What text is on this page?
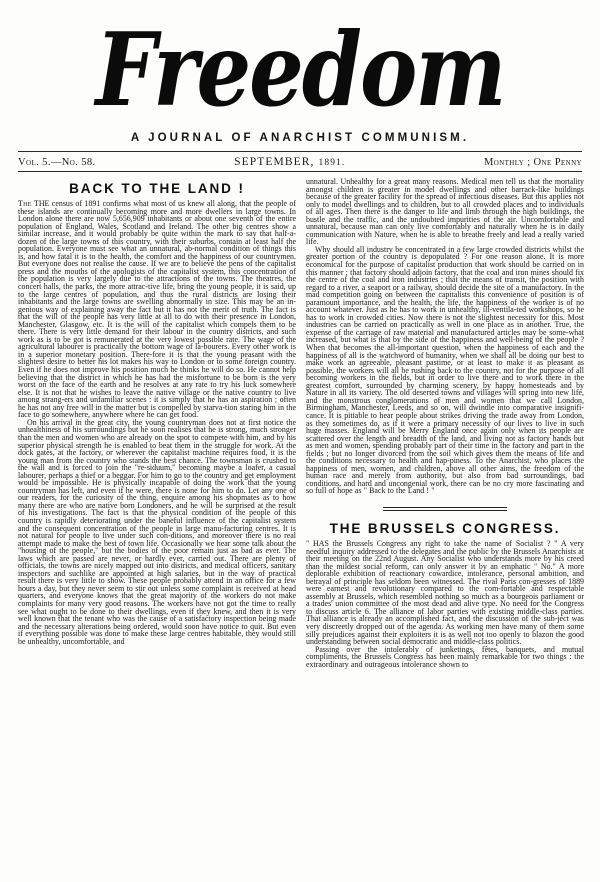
Freedom
A JOURNAL OF ANARCHIST COMMUNISM.
Vol. 5.—No. 58.	SEPTEMBER, 1891.	Monthly ; One Penny
BACK TO THE LAND !

The THE census of 1891 confirms what most of us knew all along, that the people of these islands are continually becoming more and more dwellers in large towns. In London alone there are now 5,656,909 inhabitants or about one seventh of the entire population of England, Wales, Scotland and Ireland. The other big centres show a similar increase, and it would probably be quite within the mark to say that half-a-dozen of the large towns of this country, with their suburbs, contain at least half the population. Everyone must see what an unnatural, ab-normal condition of things this is, and how fatal it is to the health, the comfort and the happiness of our countrymen. But everyone does not realise the cause. If we are to believe the pens of the capitalist press and the mouths of the apologists of the capitalist system, this concentration of the population is very largely due to the attractions of the towns. The theatres, the concert halls, the parks, the more attrac-tive life, bring the young people, it is said, up to the large centres of population, and thus the rural districts are losing their inhabitants and the large towns are swelling abnormally in size. This may be an in-genious way of explaining away the fact but it has not the merit of truth. The fact is that the will of the people has very little at all to do with their presence in London, Manchester, Glasgow, etc. It is the will of the capitalist which compels them to be there. There is very little demand for their labour in the country districts, and such work as is to be got is remunerated at the very lowest possible rate. The wage of the agricultural labourer is practically the bottom wage of la-bourers. Every other work is in a superior monetary position. There-fore it is that the young peasant with the slightest desire to better his lot makes his way to London or to some foreign country. Even if he does not improve his position much he thinks he will do so. He cannot help believing that the district in which he has had the misfortune to be born is the very worst on the face of the earth and he resolves at any rate to try his luck somewhere else. It is not that he wishes to leave the native village or the native country to live among strang-ers and unfamiliar scenes : it is simply that he has an aspiration ; often he has not any free will in the matter but is compelled by starva-tion staring him in the face to go somewhere, anywhere where he can get food.

On his arrival in the great city, the young countryman does not at first notice the unhealthiness of his surroundings but he soon realises that he is strong, much stronger than the men and women who are already on the spot to compete with him, and by his superior physical strength he is enabled to beat them in the struggle for work. At the dock gates, at the factory, or wherever the capitalist machine requires food, it is the young man from the country who stands the best chance. The townsman is crushed to the wall and is forced to join the "re-siduum," becoming maybe a loafer, a casual labourer, perhaps a thief or a beggar. For him to go to the country and get employment would be impossible. He is physically incapable of doing the work that the young countryman has left, and even if he were, there is none for him to do. Let any one of our readers, for the curiosity of the thing, enquire among his shopmates as to how many there are who are native born Londoners, and he will be surprised at the result of his investigations. The fact is that the physical condition of the people of this country is rapidly deteriorating under the baneful influence of the capitalist system and the consequent concentration of the people in large manu-facturing centres. It is not natural for people to live under such con-ditions, and moreover there is no real attempt made to make the best of town life. Occasionally we hear some talk about the "housing of the people," but the bodies of the poor remain just as bad as ever. The laws which are passed are never, or hardly ever, carried out. There are plenty of officials, the towns are nicely mapped out into districts, and medical officers, sanitary inspectors and suchlike are appointed at high salaries, but in the way of practical result there is very little to show. These people probably attend in an office for a few hours a day, but they never seem to stir out unless some complaint is received at head quarters, and everyone knows that the great majority of the workers do not make complaints for many very good reasons. The workers have not got the time to really see what ought to be done to their dwellings, even if they knew, and then it is very well known that the tenant who was the cause of a satisfactory inspection being made and the necessary alterations being ordered, would soon have notice to quit. But even if everything possible was done to make these large centres habitable, they would still be unhealthy, uncomfortable, and

unnatural. Unhealthy for a great many reasons. Medical men tell us that the mortality amongst children is greater in model dwellings and other barrack-like buildings because of the greater facility for the spread of infectious diseases. But this applies not only to model dwellings and to children, but to all crowded places and to individuals of all ages. Then there is the danger to life and limb through the high buildings, the bustle and the traffic, and the undoubted impurities of the air. Uncomfortable and unnatural, because man can only live comfortably and naturally when he is in daily communication with Nature, when he is able to breathe freely and lead a really varied life.

Why should all industry be concentrated in a few large crowded districts whilst the greater portion of the country is depopulated ? For one reason alone. It is more economical for the purpose of capitalist production that work should be carried on in this manner ; that factory should adjoin factory, that the coal and iron mines should fix the centre of the coal and iron industries ; that the means of transit, the position with regard to a river, a seaport or a railway, should decide the site of a manufactory. In the mad competition going on between the capitalists this convenience of position is of paramount importance, and the health, the life, the happiness of the worker is of no account whatever. Just as he has to work in unhealthy, ill-ventila-ted workshops, so he has to work in crowded cities. Now there is not the slightest necessity for this. Most industries can be carried on practically as well in one place as in another. True, the expense of the carriage of raw material and manufactured articles may be some-what increased, but what is that by the side of the happiness and well-being of the people ? When that becomes the all-important question, when the happiness of each and the happiness of all is the watchword of humanity, when we shall all be doing our best to make work an agreeable, pleasant pastime, or at least to make it as pleasant as possible, the workers will all be rushing back to the country, not for the purpose of all becoming workers in the fields, but in order to live there and to work there in the greatest comfort, surrounded by charming scenery, by happy homesteads and by Nature in all its variety. The old deserted towns and villages will spring into new life, and the monstrous conglomerations of men and women that we call London, Birmingham, Manchester, Leeds, and so on, will dwindle into comparative insignifi-cance. It is pitiable to hear people about strikes driving the trade away from London, as they sometimes do, as if it were a primary necessity of our lives to live in such huge masses. England will be Merry England once again only when its people are scattered over the length and breadth of the land, and living not as factory hands but as men and women, spending probably part of their time in the factory and part in the fields ; but no longer divorced from the soil which gives them the means of life and the conditions necessary to health and hap-piness. To the Anarchist, who places the happiness of men, women, and children, above all other aims, the freedom of the human race and merely from authority, but also from bad surroundings, bad conditions, and hard and uncongenial work, there can be no cry more fascinating and so full of hope as " Back to the Land ! "

THE BRUSSELS CONGRESS.

" HAS the Brussels Congress any right to take the name of Socialist ? " A very needful inquiry addressed to the delegates and the public by the Brussels Anarchists at their meeting on the 22nd August. Any Socialist who understands more by his creed than the mildest social reform, can only answer it by an emphatic " No." A more deplorable exhibition of reactionary cowardice, intolerance, personal ambition, and betrayal of principle has seldom been witnessed. The rival Paris con-gresses of 1889 were earnest and revolutionary compared to the com-fortable and respectable assembly at Brussels, which resembled nothing so much as a bourgeois parliament or a trades' union committee of the most dead and alive type. No need for the Congress to discuss article 6. The alliance of labor parties with existing middle-class parties. That alliance is already an accomplished fact, and the discussion of the sub-ject was very discreetly dropped out of the agenda. As working men have many of them some silly prejudices against their exploiters it is as well not too openly to blazon the good understanding between social democratic and middle-class politics.

Passing over the intolerably of junketings, fêtes, banquets, and mutual compliments, the Brussels Congress has been mainly remarkable for two things : the extraordinary and outrageous intolerance shown to
